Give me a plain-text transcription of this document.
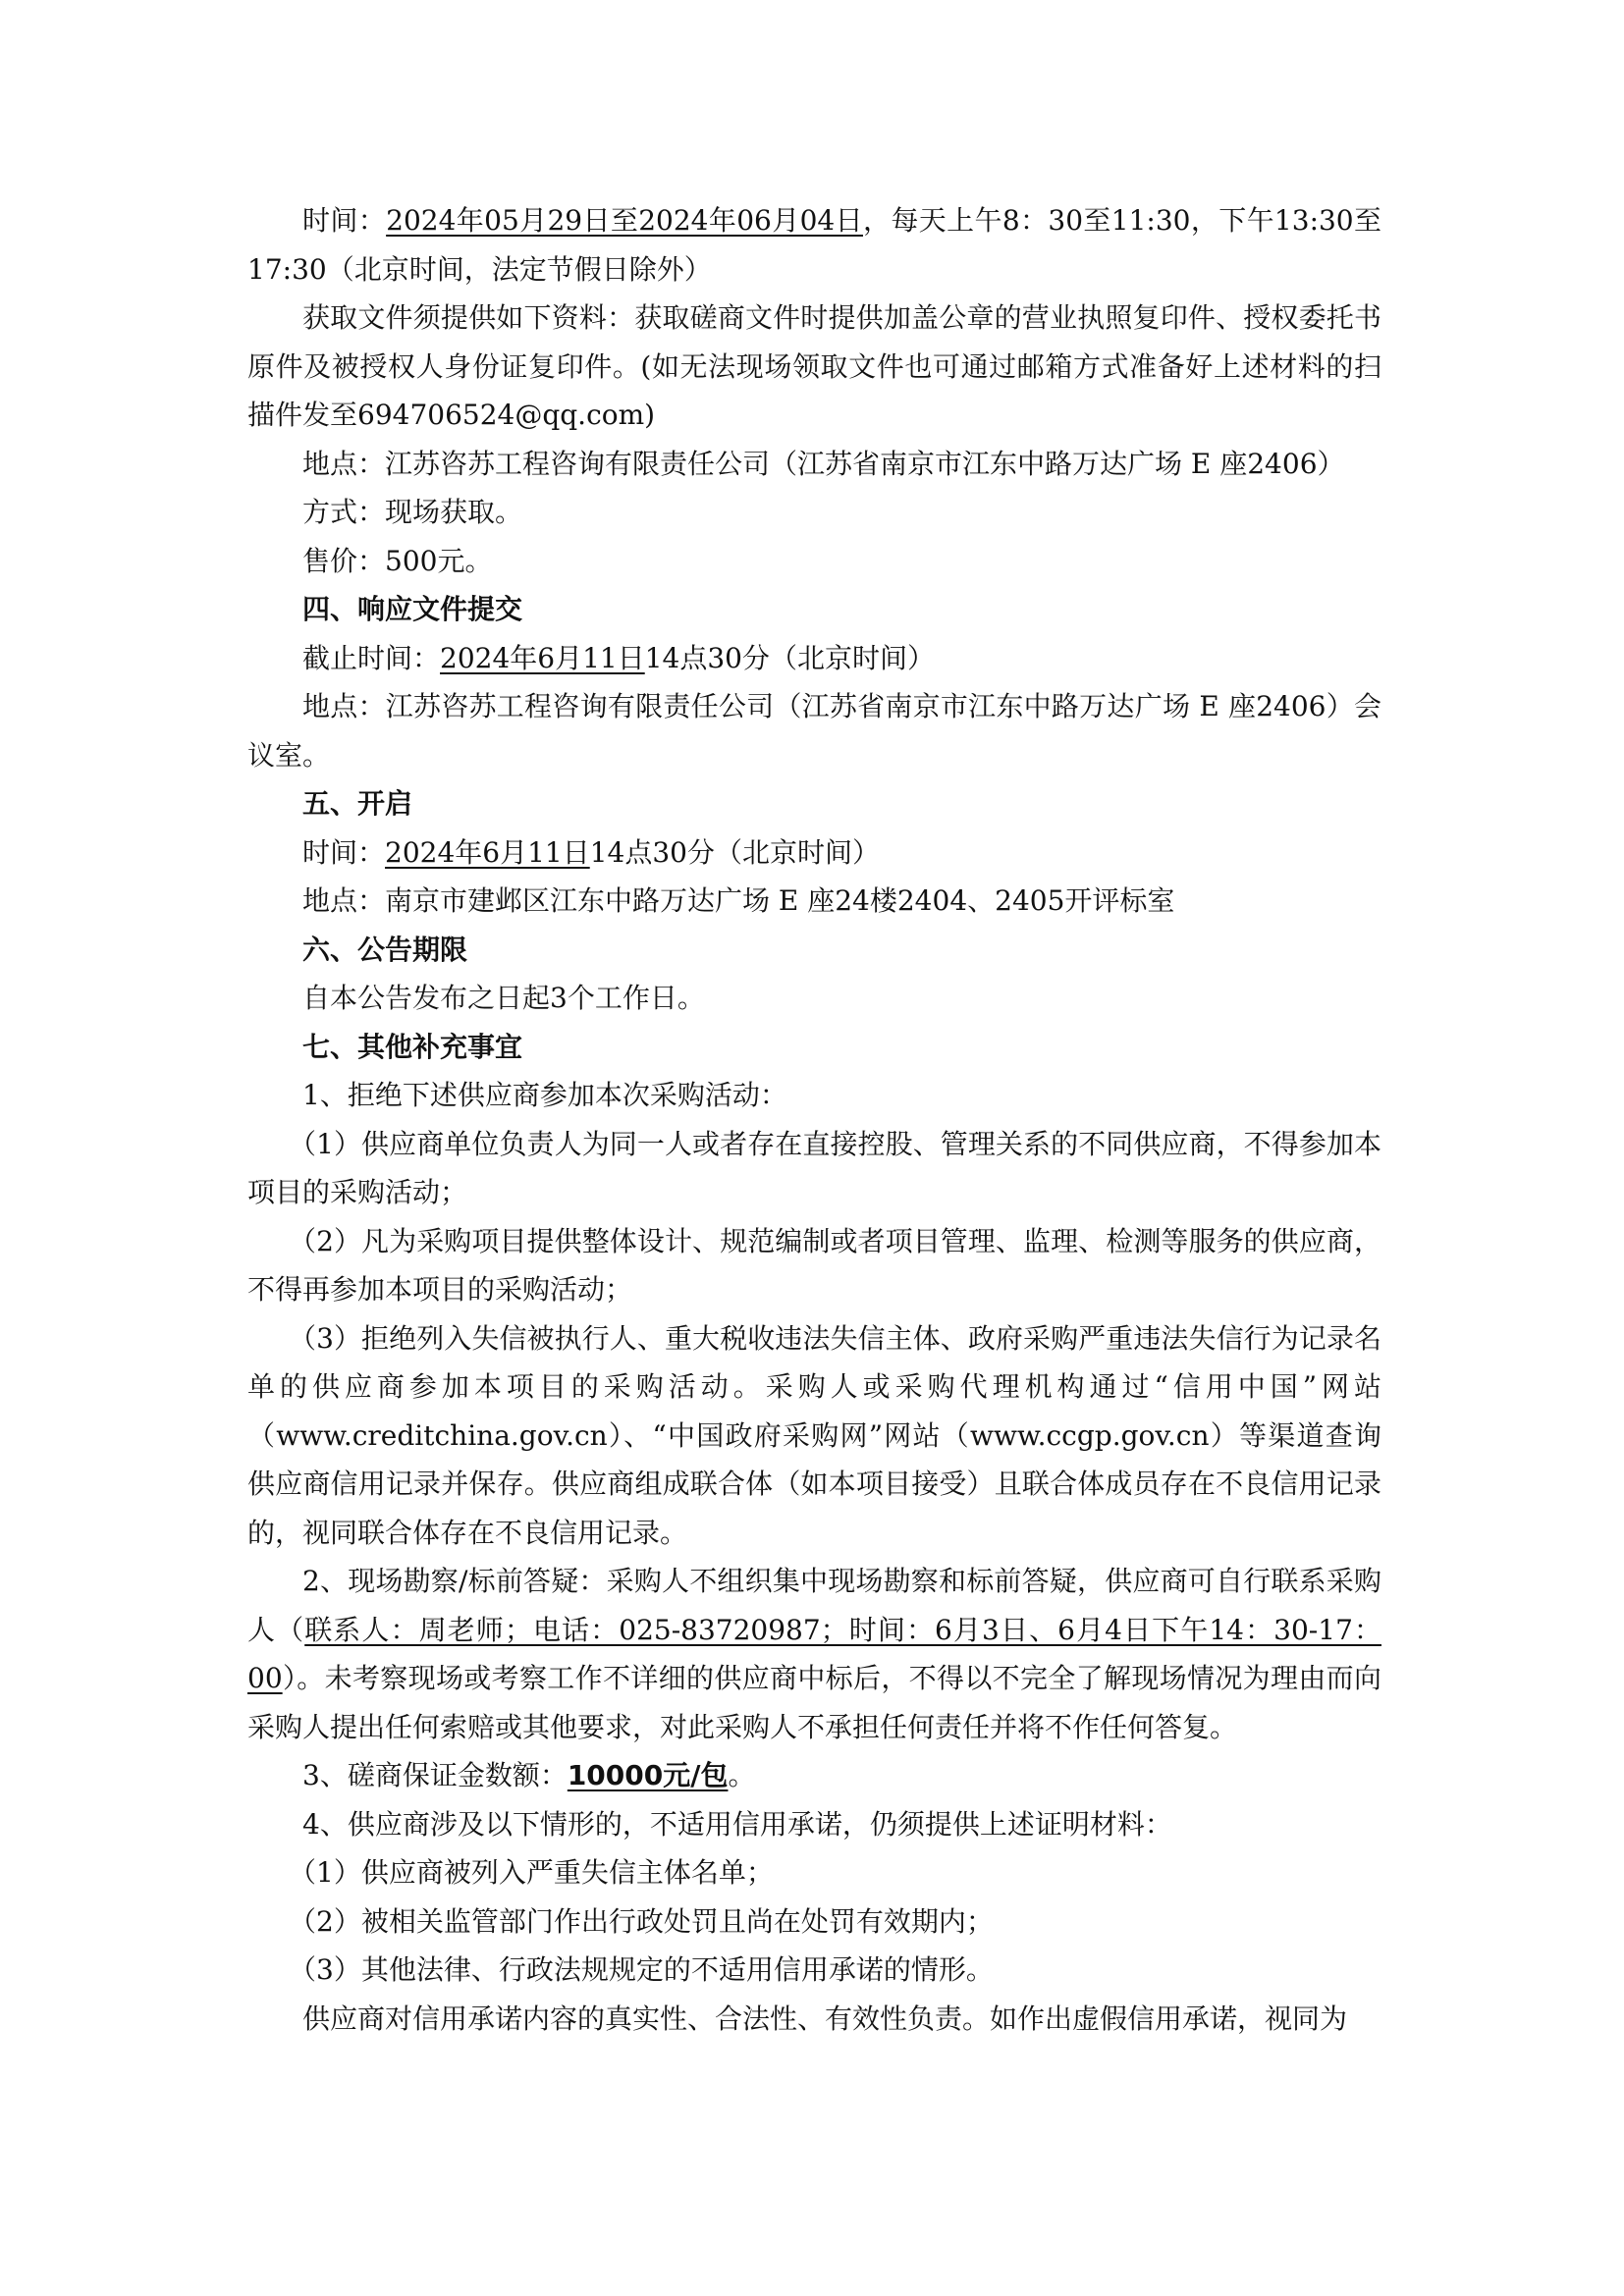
时间：2024年05月29日至2024年06月04日，每天上午8：30至11:30，下午13:30至17:30（北京时间，法定节假日除外）

获取文件须提供如下资料：获取磋商文件时提供加盖公章的营业执照复印件、授权委托书原件及被授权人身份证复印件。(如无法现场领取文件也可通过邮箱方式准备好上述材料的扫描件发至694706524@qq.com)

地点：江苏咨苏工程咨询有限责任公司（江苏省南京市江东中路万达广场 E 座2406）

方式：现场获取。

售价：500元。

四、响应文件提交

截止时间：2024年6月11日14点30分（北京时间）

地点：江苏咨苏工程咨询有限责任公司（江苏省南京市江东中路万达广场 E 座2406）会议室。

五、开启

时间：2024年6月11日14点30分（北京时间）

地点：南京市建邺区江东中路万达广场 E 座24楼2404、2405开评标室

六、公告期限

自本公告发布之日起3个工作日。

七、其他补充事宜

1、拒绝下述供应商参加本次采购活动：

（1）供应商单位负责人为同一人或者存在直接控股、管理关系的不同供应商，不得参加本项目的采购活动；

（2）凡为采购项目提供整体设计、规范编制或者项目管理、监理、检测等服务的供应商，不得再参加本项目的采购活动；

（3）拒绝列入失信被执行人、重大税收违法失信主体、政府采购严重违法失信行为记录名单的供应商参加本项目的采购活动。采购人或采购代理机构通过“信用中国”网站（www.creditchina.gov.cn）、“中国政府采购网”网站（www.ccgp.gov.cn）等渠道查询供应商信用记录并保存。供应商组成联合体（如本项目接受）且联合体成员存在不良信用记录的，视同联合体存在不良信用记录。

2、现场勘察/标前答疑：采购人不组织集中现场勘察和标前答疑，供应商可自行联系采购人（联系人：周老师；电话：025-83720987；时间：6月3日、6月4日下午14：30-17：00）。未考察现场或考察工作不详细的供应商中标后，不得以不完全了解现场情况为理由而向采购人提出任何索赔或其他要求，对此采购人不承担任何责任并将不作任何答复。

3、磋商保证金数额：10000元/包。

4、供应商涉及以下情形的，不适用信用承诺，仍须提供上述证明材料：

（1）供应商被列入严重失信主体名单；

（2）被相关监管部门作出行政处罚且尚在处罚有效期内；

（3）其他法律、行政法规规定的不适用信用承诺的情形。

供应商对信用承诺内容的真实性、合法性、有效性负责。如作出虚假信用承诺，视同为
